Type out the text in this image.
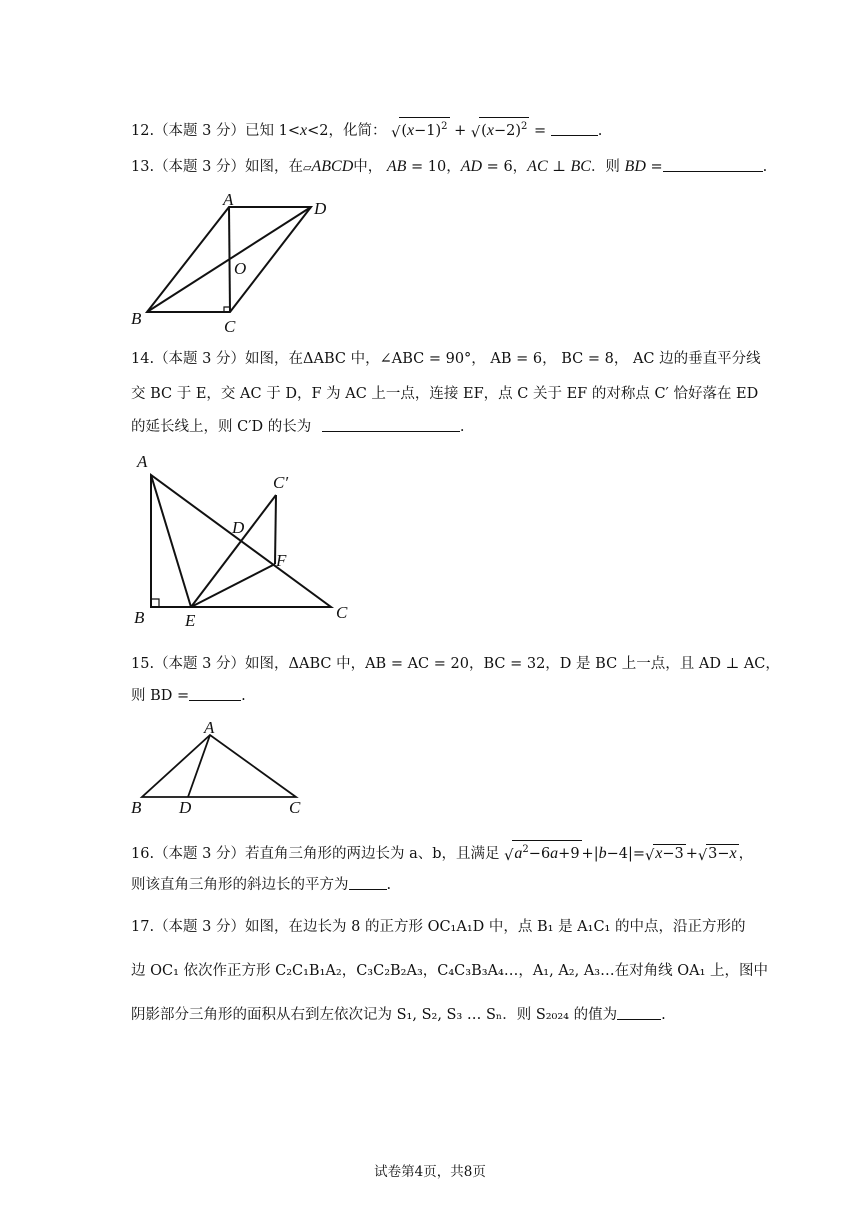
12.（本题 3 分）已知 1<x<2，化简： $√(x-1)^2 + √(x-2)^2$ =	.
13.（本题 3 分）如图，在▱ABCD中， AB = 10，AD = 6，AC ⊥ BC．则 BD =	.
A	D
O
B	C
14.（本题 3 分）如图，在ΔABC 中，∠ABC = 90°， AB = 6， BC = 8， AC 边的垂直平分线
交 BC 于 E，交 AC 于 D，F 为 AC 上一点，连接 EF，点 C 关于 EF 的对称点 C′ 恰好落在 ED
的延长线上，则 C′D 的长为	.
A
C′
D
F
B E	C
15.（本题 3 分）如图，ΔABC 中，AB = AC = 20，BC = 32，D 是 BC 上一点，且 AD ⊥ AC，
则 BD =	.
A
B D	C
16.（本题 3 分）若直角三角形的两边长为 a、b，且满足 $√a^2-6a+9 +|b-4|=√x-3 +√3-x$ ，
则该直角三角形的斜边长的平方为	.
17.（本题 3 分）如图，在边长为 8 的正方形 OC₁A₁D 中，点 B₁ 是 A₁C₁ 的中点，沿正方形的
边 OC₁ 依次作正方形 C₂C₁B₁A₂，C₃C₂B₂A₃，C₄C₃B₃A₄…，A₁, A₂, A₃…在对角线 OA₁ 上，图中
阴影部分三角形的面积从右到左依次记为 S₁, S₂, S₃ … Sₙ．则 S₂₀₂₄ 的值为	.
试卷第4页，共8页
